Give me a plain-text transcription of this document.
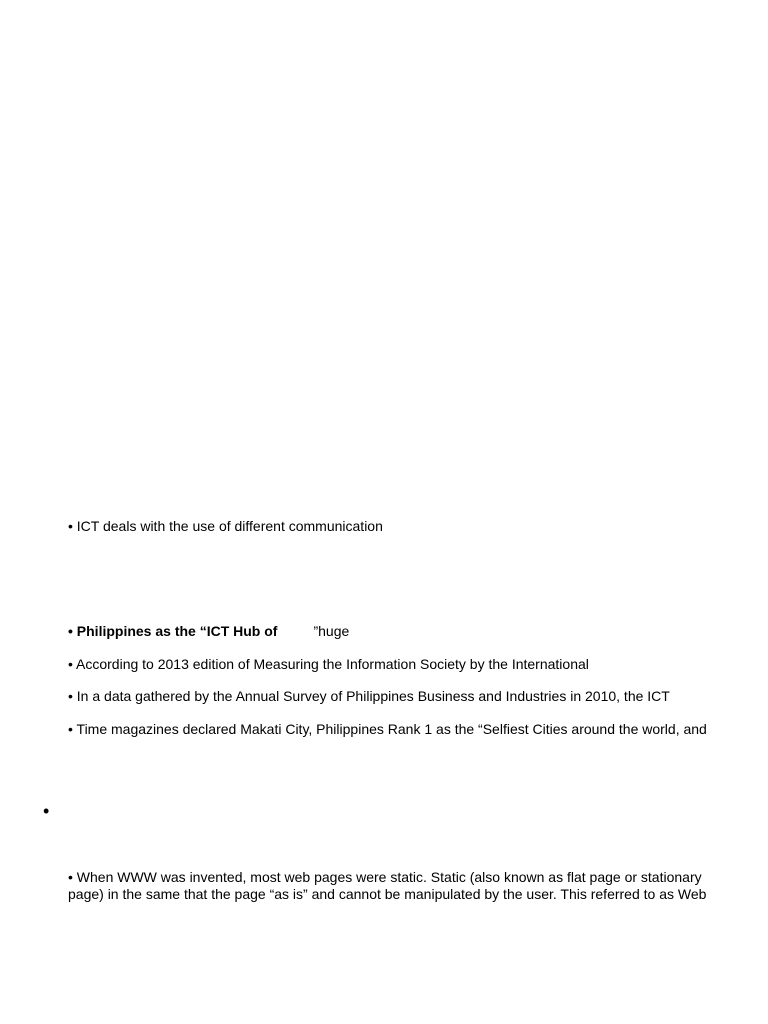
• ICT deals with the use of different communication
• Philippines as the “ICT Hub of	”huge
• According to 2013 edition of Measuring the Information Society by the International
• In a data gathered by the Annual Survey of Philippines Business and Industries in 2010, the ICT
• Time magazines declared Makati City, Philippines Rank 1 as the “Selfiest Cities around the world, and
•
• When WWW was invented, most web pages were static. Static (also known as flat page or stationary page) in the same that the page “as is” and cannot be manipulated by the user. This referred to as Web
